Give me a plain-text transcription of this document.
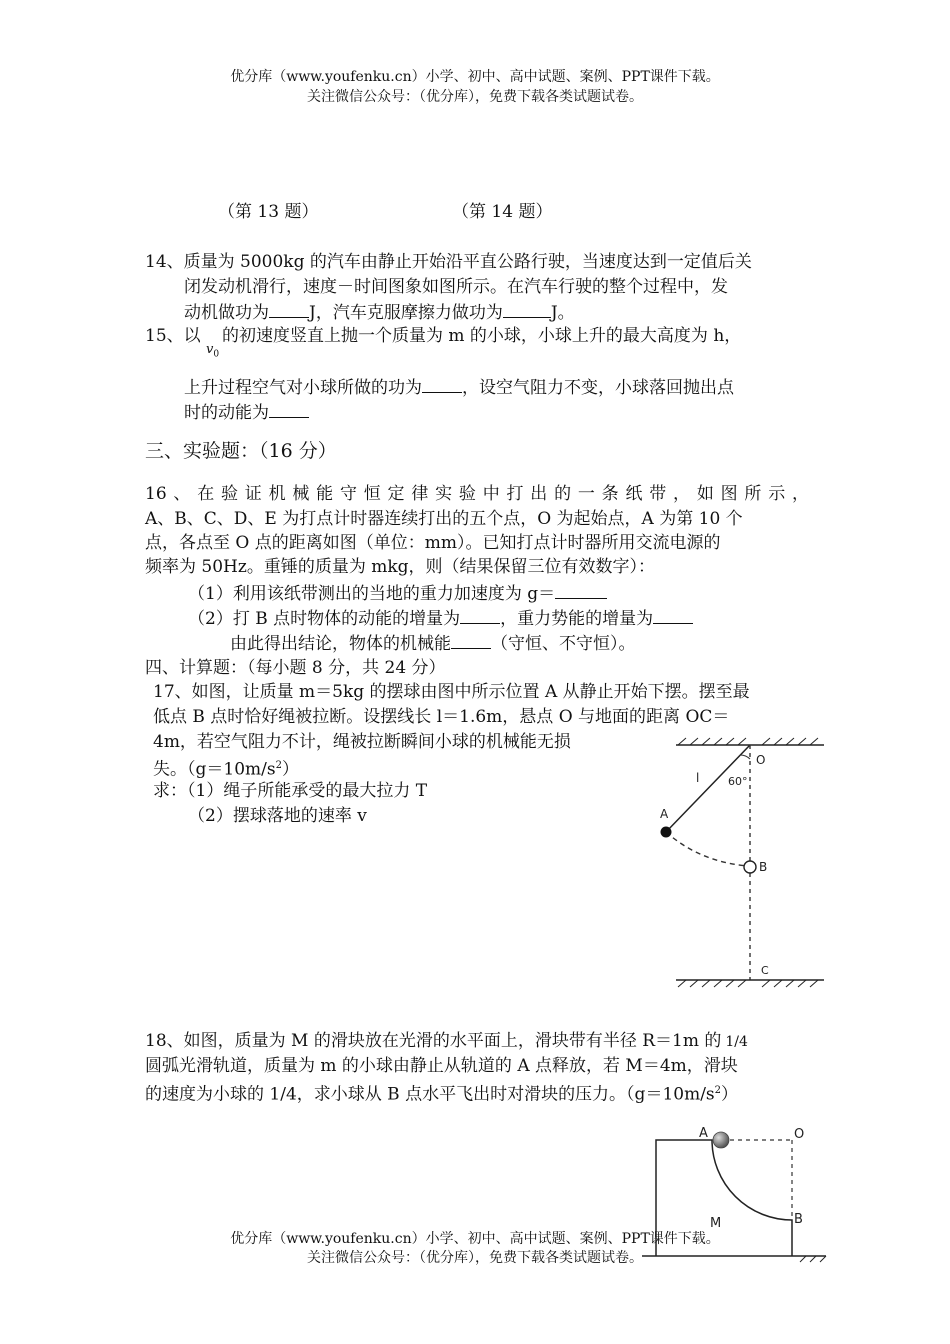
优分库（www.youfenku.cn）小学、初中、高中试题、案例、PPT课件下载。
关注微信公众号：（优分库），免费下载各类试题试卷。
（第 13 题）	（第 14 题）
14、质量为 5000kg 的汽车由静止开始沿平直公路行驶，当速度达到一定值后关
闭发动机滑行，速度－时间图象如图所示。在汽车行驶的整个过程中，发
动机做功为 J，汽车克服摩擦力做功为	J。
15、以
$v_0$
的初速度竖直上抛一个质量为 m 的小球，小球上升的最大高度为 h，
上升过程空气对小球所做的功为 ，设空气阻力不变，小球落回抛出点
时的动能为
三、实验题：（16 分）
16、在验证机械能守恒定律实验中打出的一条纸带，如图所示，
A、B、C、D、E 为打点计时器连续打出的五个点，O 为起始点，A 为第 10 个
点，各点至 O 点的距离如图（单位：mm）。已知打点计时器所用交流电源的
频率为 50Hz。重锤的质量为 mkg，则（结果保留三位有效数字）：
（1）利用该纸带测出的当地的重力加速度为 g＝
（2）打 B 点时物体的动能的增量为 ，重力势能的增量为
由此得出结论，物体的机械能 （守恒、不守恒）。
四、计算题：（每小题 8 分，共 24 分）
17、如图，让质量 m＝5kg 的摆球由图中所示位置 A 从静止开始下摆。摆至最
低点 B 点时恰好绳被拉断。设摆线长 l＝1.6m，悬点 O 与地面的距离 OC＝
4m，若空气阻力不计，绳被拉断瞬间小球的机械能无损
失。$(g=10m/s^2)$
求：（1）绳子所能承受的最大拉力 T
（2）摆球落地的速率 v
O
l	60°
A
B
C
18、如图，质量为 M 的滑块放在光滑的水平面上，滑块带有半径 R＝1m 的 1/4
圆弧光滑轨道，质量为 m 的小球由静止从轨道的 A 点释放，若 M＝4m，滑块
的速度为小球的 1/4，求小球从 B 点水平飞出时对滑块的压力。$(g=10m/s^2)$
A	O
M	B
优分库（www.youfenku.cn）小学、初中、高中试题、案例、PPT课件下载。
关注微信公众号：（优分库），免费下载各类试题试卷。
